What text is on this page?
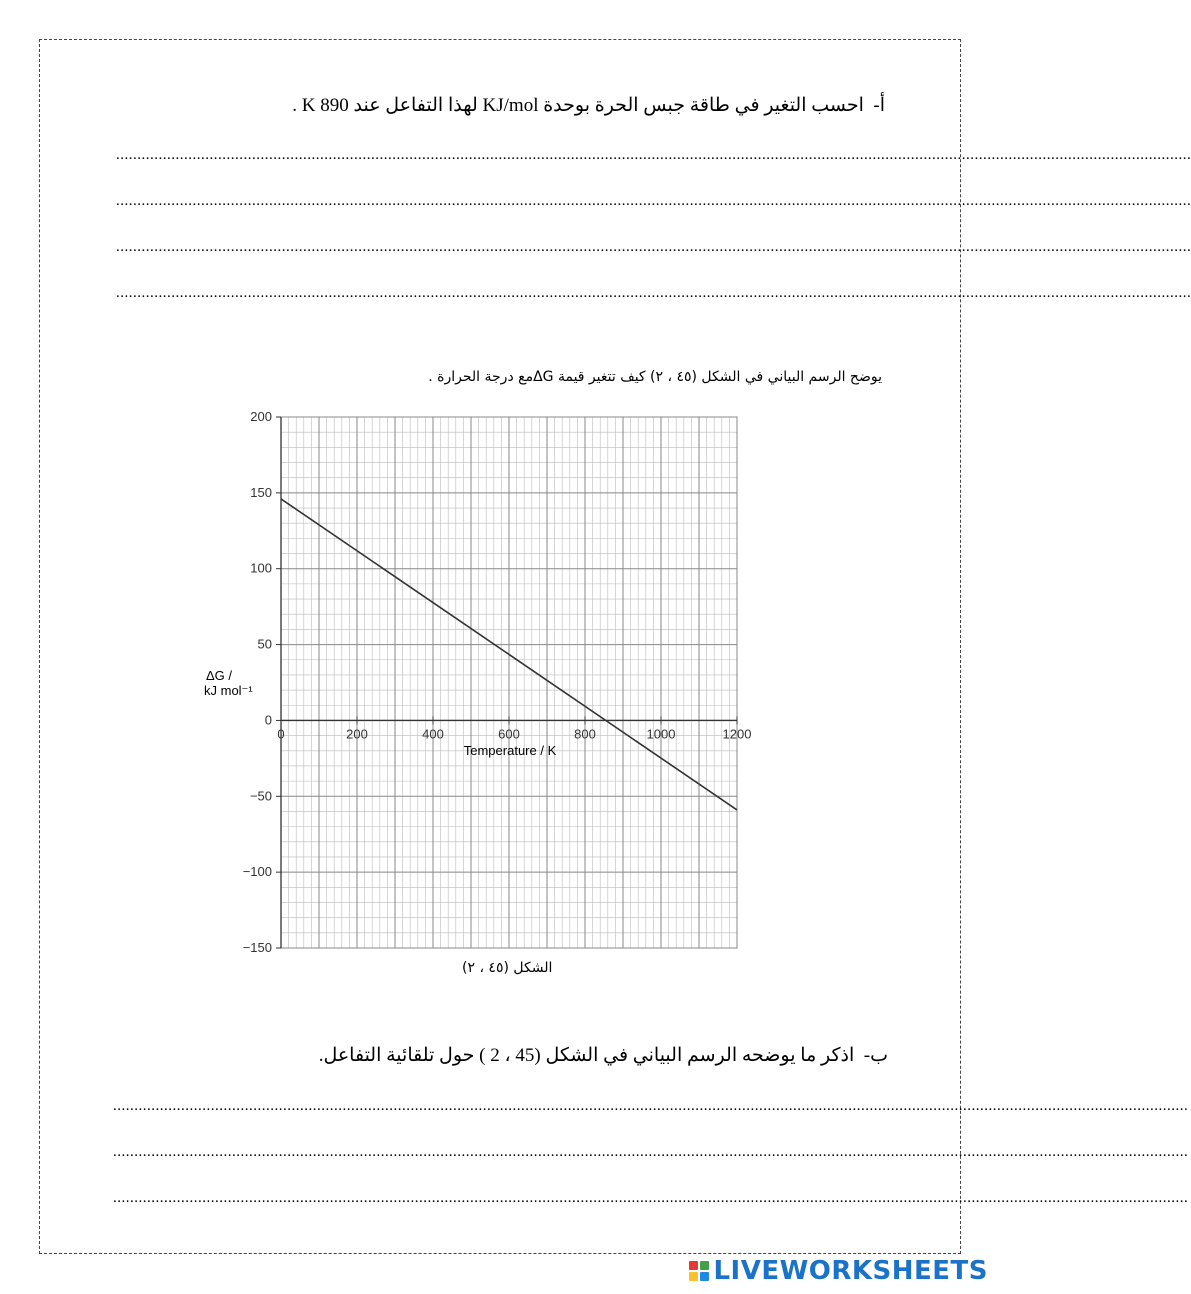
أ-  احسب التغير في طاقة جبس الحرة بوحدة KJ/mol لهذا التفاعل عند 890 K .
.............................................................................................................................................................................................................................................................
.............................................................................................................................................................................................................................................................
.............................................................................................................................................................................................................................................................
.............................................................................................................................................................................................................................................................
يوضح الرسم البياني في الشكل (٤٥ ، ٢) كيف تتغير قيمة ΔGمع درجة الحرارة .
0	200	400	600	800	1000	1200
200
150
100
50
0
−50
−100
−150
Temperature / K
ΔG /
kJ mol⁻¹
الشكل (٤٥ ، ٢)
ب-  اذكر ما يوضحه الرسم البياني في الشكل (45 ، 2 ) حول تلقائية التفاعل.
.............................................................................................................................................................................................................................................................
.............................................................................................................................................................................................................................................................
.............................................................................................................................................................................................................................................................
LIVEWORKSHEETS
